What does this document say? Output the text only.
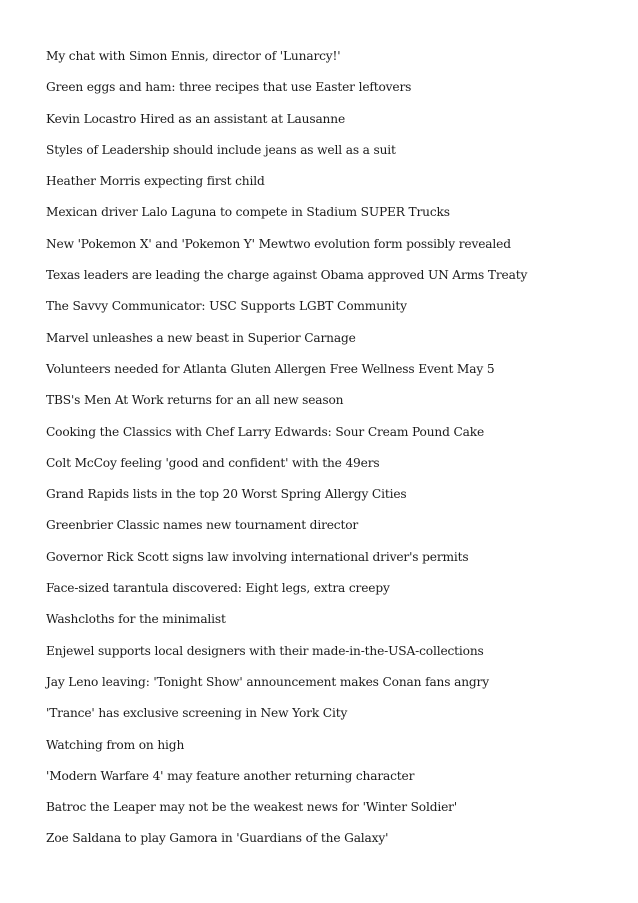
My chat with Simon Ennis, director of 'Lunarcy!'
Green eggs and ham: three recipes that use Easter leftovers
Kevin Locastro Hired as an assistant at Lausanne
Styles of Leadership should include jeans as well as a suit
Heather Morris expecting first child
Mexican driver Lalo Laguna to compete in Stadium SUPER Trucks
New 'Pokemon X' and 'Pokemon Y' Mewtwo evolution form possibly revealed
Texas leaders are leading the charge against Obama approved UN Arms Treaty
The Savvy Communicator: USC Supports LGBT Community
Marvel unleashes a new beast in Superior Carnage
Volunteers needed for Atlanta Gluten Allergen Free Wellness Event May 5
TBS's Men At Work returns for an all new season
Cooking the Classics with Chef Larry Edwards: Sour Cream Pound Cake
Colt McCoy feeling 'good and confident' with the 49ers
Grand Rapids lists in the top 20 Worst Spring Allergy Cities
Greenbrier Classic names new tournament director
Governor Rick Scott signs law involving international driver's permits
Face-sized tarantula discovered: Eight legs, extra creepy
Washcloths for the minimalist
Enjewel supports local designers with their made-in-the-USA-collections
Jay Leno leaving: 'Tonight Show' announcement makes Conan fans angry
'Trance' has exclusive screening in New York City
Watching from on high
'Modern Warfare 4' may feature another returning character
Batroc the Leaper may not be the weakest news for 'Winter Soldier'
Zoe Saldana to play Gamora in 'Guardians of the Galaxy'
